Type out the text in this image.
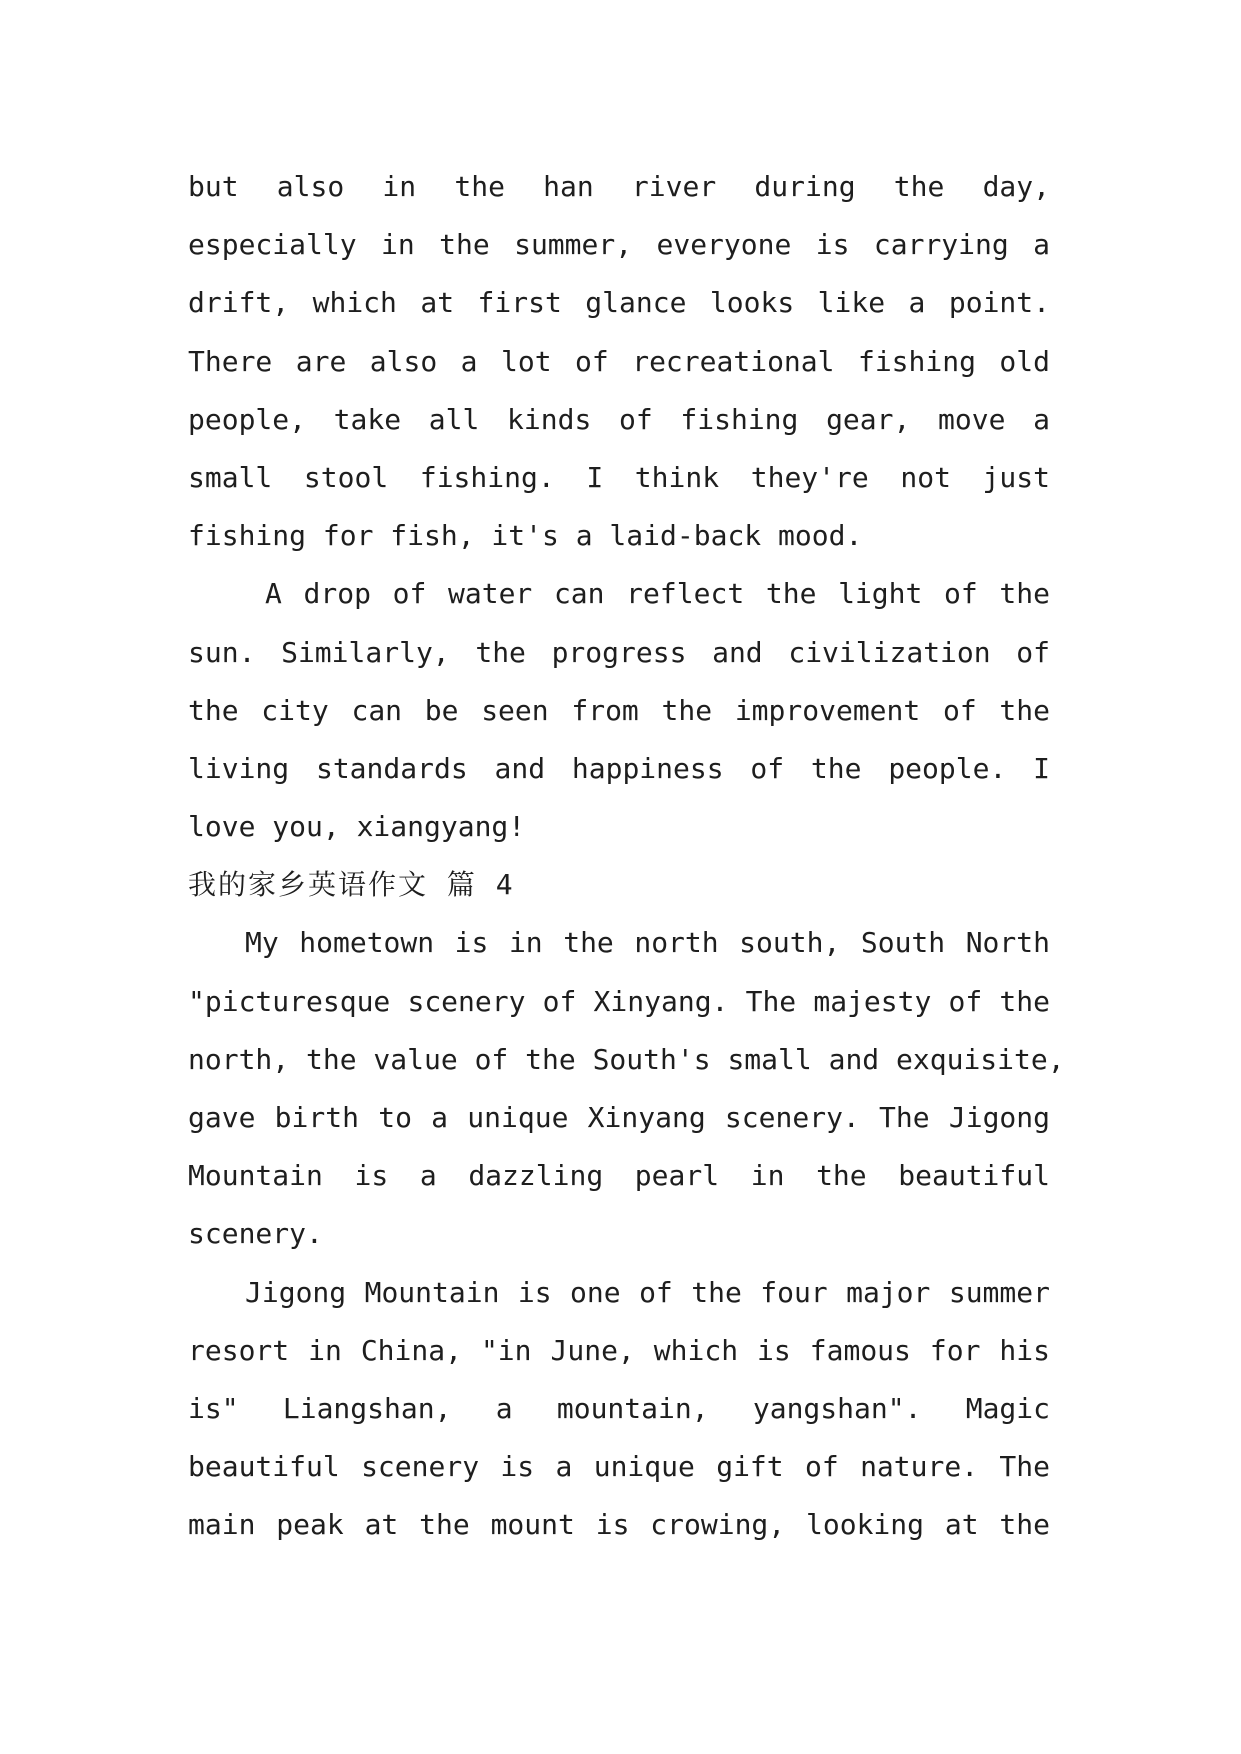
but also in the han river during the day,
especially in the summer, everyone is carrying a
drift, which at first glance looks like a point.
There are also a lot of recreational fishing old
people, take all kinds of fishing gear, move a
small stool fishing. I think they're not just
fishing for fish, it's a laid-back mood.
A drop of water can reflect the light of the
sun. Similarly, the progress and civilization of
the city can be seen from the improvement of the
living standards and happiness of the people. I
love you, xiangyang!
我的家乡英语作文 篇 4
My hometown is in the north south, South North
"picturesque scenery of Xinyang. The majesty of the
north, the value of the South's small and exquisite,
gave birth to a unique Xinyang scenery. The Jigong
Mountain is a dazzling pearl in the beautiful
scenery.
Jigong Mountain is one of the four major summer
resort in China, "in June, which is famous for his
is" Liangshan, a mountain, yangshan". Magic
beautiful scenery is a unique gift of nature. The
main peak at the mount is crowing, looking at the
